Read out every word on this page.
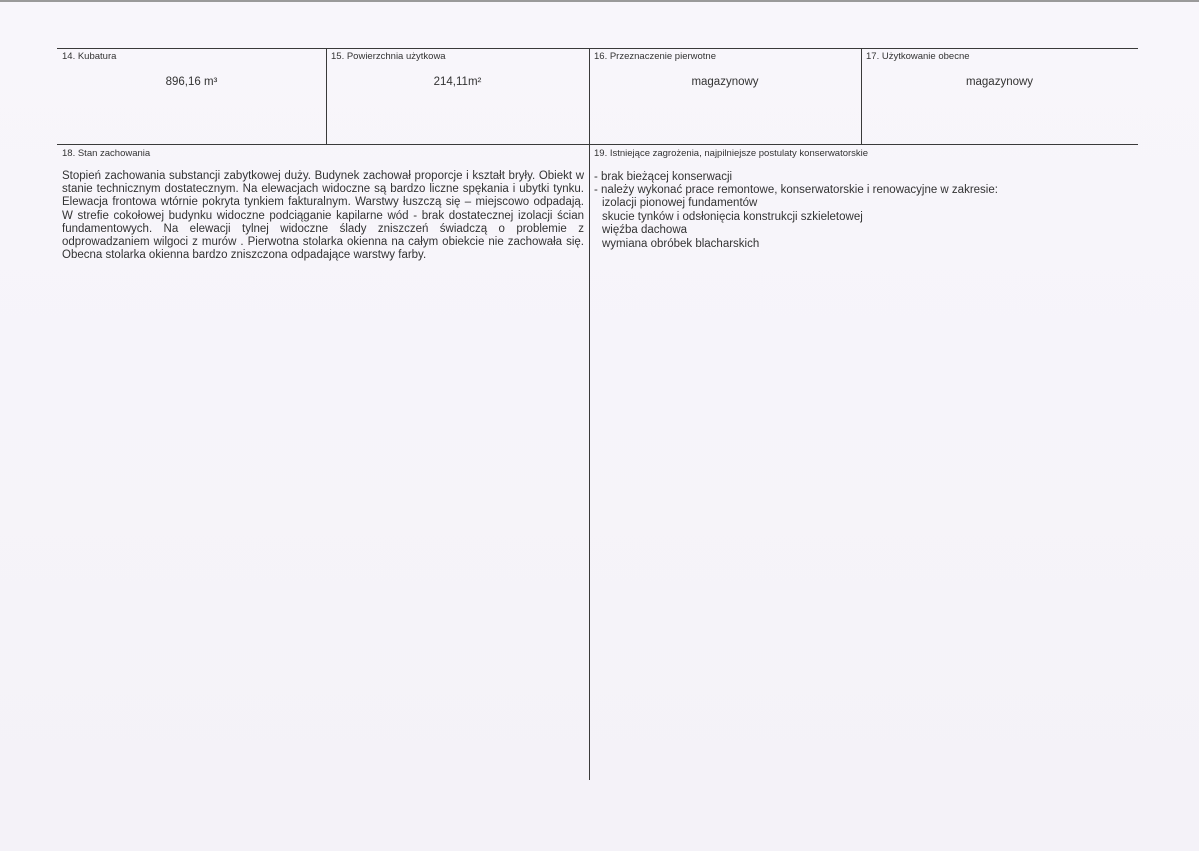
14. Kubatura
896,16 m³
15. Powierzchnia użytkowa
214,11m²
16. Przeznaczenie pierwotne
magazynowy
17. Użytkowanie obecne
magazynowy
18. Stan zachowania
Stopień zachowania substancji zabytkowej duży. Budynek zachował proporcje i kształt bryły. Obiekt w stanie technicznym dostatecznym. Na elewacjach widoczne są bardzo liczne spękania i ubytki tynku. Elewacja frontowa wtórnie pokryta tynkiem fakturalnym. Warstwy łuszczą się – miejscowo odpadają. W strefie cokołowej budynku widoczne podciąganie kapilarne wód - brak dostatecznej izolacji ścian fundamentowych. Na elewacji tylnej widoczne ślady zniszczeń świadczą o problemie z odprowadzaniem wilgoci z murów . Pierwotna stolarka okienna na całym obiekcie nie zachowała się. Obecna stolarka okienna bardzo zniszczona odpadające warstwy farby.
19. Istniejące zagrożenia, najpilniejsze postulaty konserwatorskie
- brak bieżącej konserwacji
- należy wykonać prace remontowe, konserwatorskie i renowacyjne w zakresie:
izolacji pionowej fundamentów
skucie tynków i odsłonięcia konstrukcji szkieletowej
więźba dachowa
wymiana obróbek blacharskich
